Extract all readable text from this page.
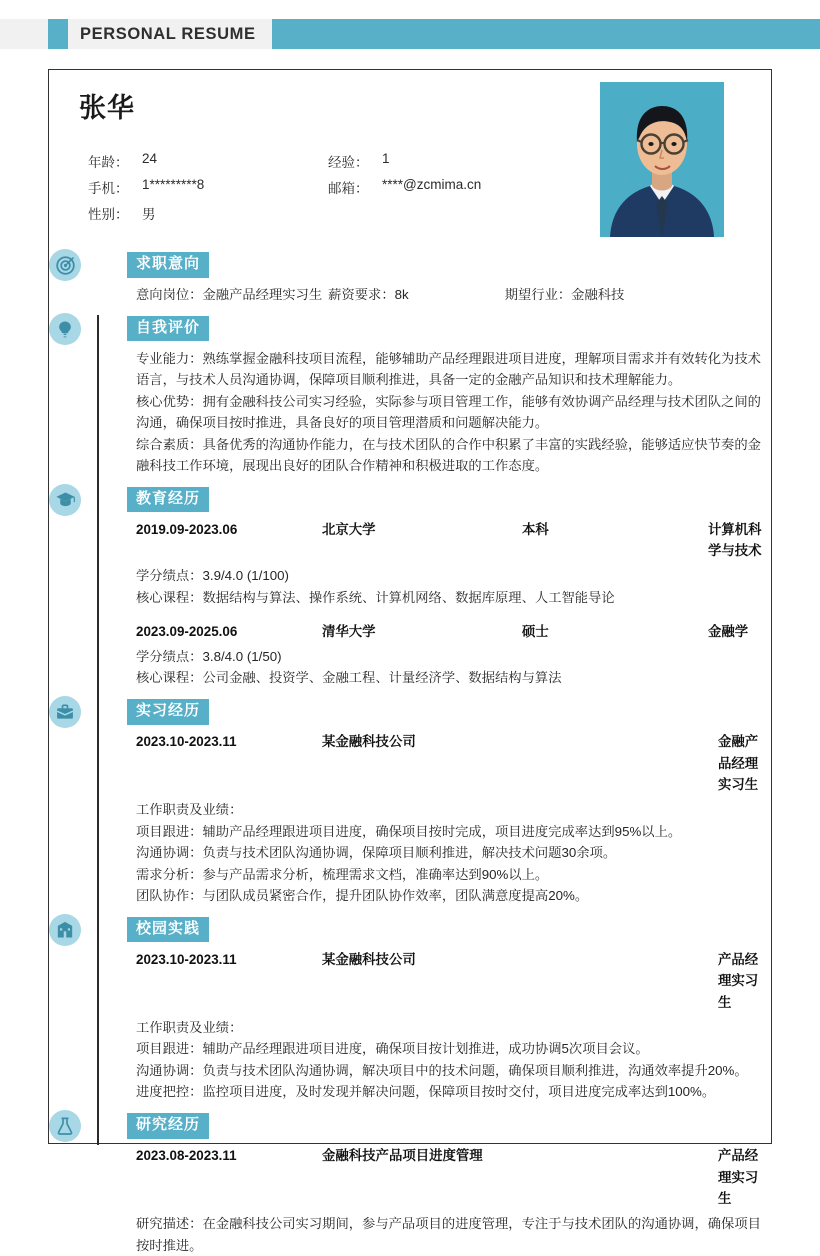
PERSONAL RESUME
张华
年龄：	24	经验：	1
手机：	1*********8	邮箱：	****@zcmima.cn
性别：	男
求职意向
意向岗位：金融产品经理实习生 薪资要求：8k	期望行业：金融科技
自我评价

专业能力：熟练掌握金融科技项目流程，能够辅助产品经理跟进项目进度，理解项目需求并有效转化为技术语言，与技术人员沟通协调，保障项目顺利推进，具备一定的金融产品知识和技术理解能力。

核心优势：拥有金融科技公司实习经验，实际参与项目管理工作，能够有效协调产品经理与技术团队之间的沟通，确保项目按时推进，具备良好的项目管理潜质和问题解决能力。

综合素质：具备优秀的沟通协作能力，在与技术团队的合作中积累了丰富的实践经验，能够适应快节奏的金融科技工作环境，展现出良好的团队合作精神和积极进取的工作态度。

教育经历
2019.09-2023.06	北京大学	本科	计算机科学与技术
学分绩点：3.9/4.0 (1/100)
核心课程：数据结构与算法、操作系统、计算机网络、数据库原理、人工智能导论
2023.09-2025.06	清华大学	硕士	金融学
学分绩点：3.8/4.0 (1/50)
核心课程：公司金融、投资学、金融工程、计量经济学、数据结构与算法
实习经历
2023.10-2023.11	某金融科技公司	金融产品经理实习生
工作职责及业绩：
项目跟进：辅助产品经理跟进项目进度，确保项目按时完成，项目进度完成率达到95%以上。
沟通协调：负责与技术团队沟通协调，保障项目顺利推进，解决技术问题30余项。
需求分析：参与产品需求分析，梳理需求文档，准确率达到90%以上。
团队协作：与团队成员紧密合作，提升团队协作效率，团队满意度提高20%。
校园实践
2023.10-2023.11	某金融科技公司	产品经理实习生
工作职责及业绩：
项目跟进：辅助产品经理跟进项目进度，确保项目按计划推进，成功协调5次项目会议。
沟通协调：负责与技术团队沟通协调，解决项目中的技术问题，确保项目顺利推进，沟通效率提升20%。
进度把控：监控项目进度，及时发现并解决问题，保障项目按时交付，项目进度完成率达到100%。
研究经历
2023.08-2023.11	金融科技产品项目进度管理	产品经理实习生
研究描述：在金融科技公司实习期间，参与产品项目的进度管理，专注于与技术团队的沟通协调，确保项目按时推进。
